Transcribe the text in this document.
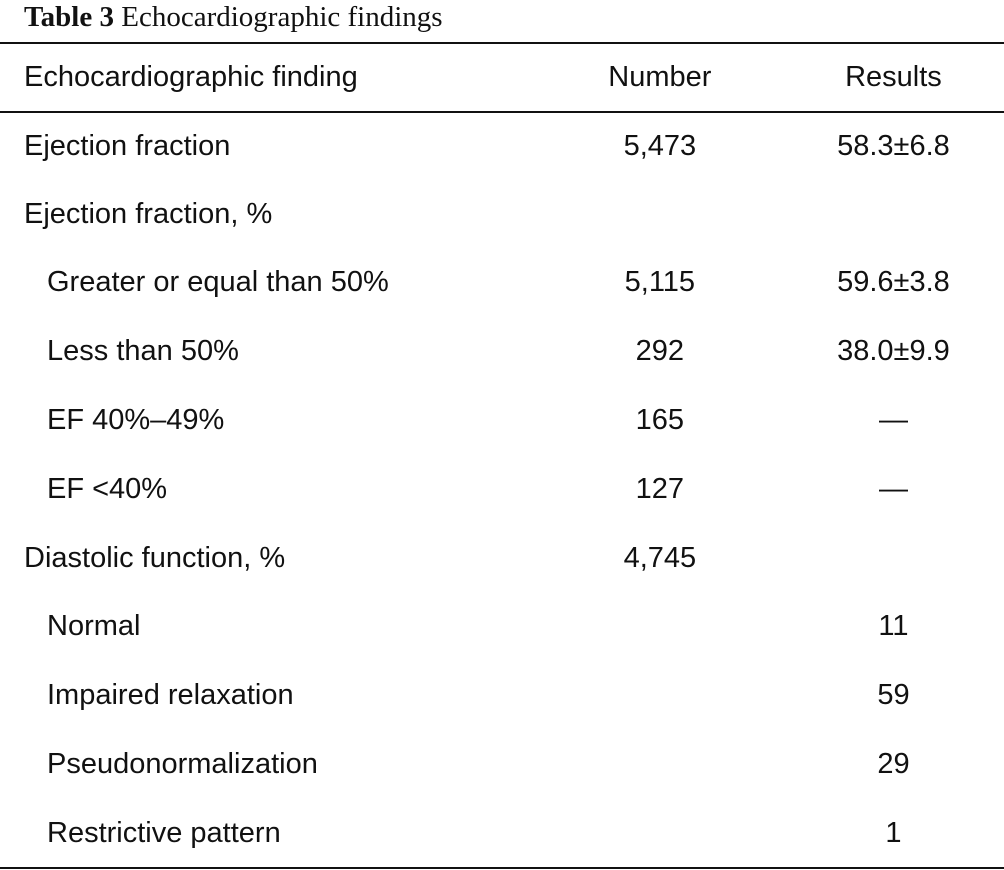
Table 3 Echocardiographic findings
Echocardiographic finding	Number	Results
Ejection fraction	5,473	58.3±6.8
Ejection fraction, %		
Greater or equal than 50%	5,115	59.6±3.8
Less than 50%	292	38.0±9.9
EF 40%–49%	165	—
EF <40%	127	—
Diastolic function, %	4,745	
Normal		11
Impaired relaxation		59
Pseudonormalization		29
Restrictive pattern		1
